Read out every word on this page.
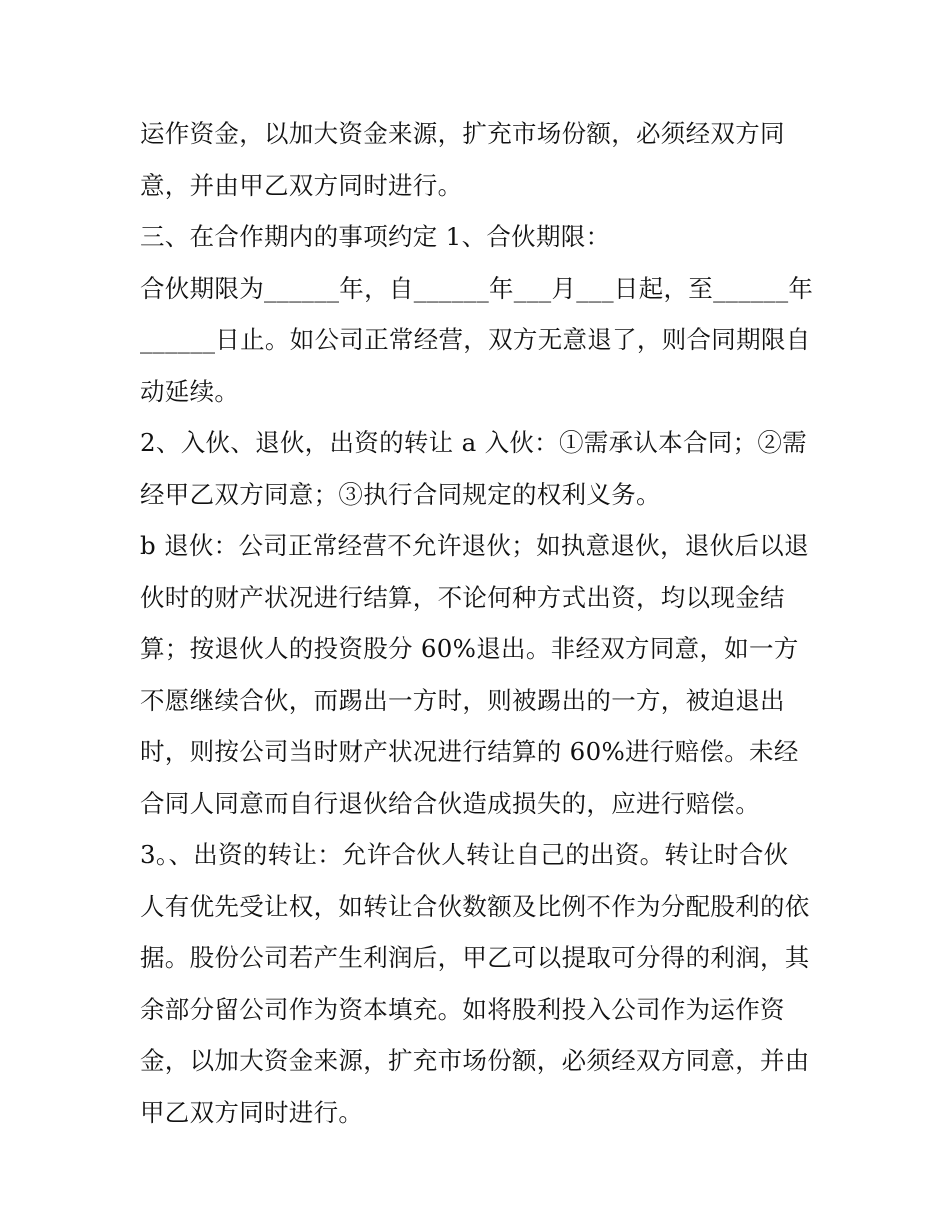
运作资金，以加大资金来源，扩充市场份额，必须经双方同
意，并由甲乙双方同时进行。
三、在合作期内的事项约定 1、合伙期限：
合伙期限为______年，自______年___月___日起，至______年
______日止。如公司正常经营，双方无意退了，则合同期限自
动延续。
2、入伙、退伙，出资的转让 a 入伙：①需承认本合同；②需
经甲乙双方同意；③执行合同规定的权利义务。
b 退伙：公司正常经营不允许退伙；如执意退伙，退伙后以退
伙时的财产状况进行结算，不论何种方式出资，均以现金结
算；按退伙人的投资股分 60%退出。非经双方同意，如一方
不愿继续合伙，而踢出一方时，则被踢出的一方，被迫退出
时，则按公司当时财产状况进行结算的 60%进行赔偿。未经
合同人同意而自行退伙给合伙造成损失的，应进行赔偿。
3。、出资的转让：允许合伙人转让自己的出资。转让时合伙
人有优先受让权，如转让合伙数额及比例不作为分配股利的依
据。股份公司若产生利润后，甲乙可以提取可分得的利润，其
余部分留公司作为资本填充。如将股利投入公司作为运作资
金，以加大资金来源，扩充市场份额，必须经双方同意，并由
甲乙双方同时进行。
